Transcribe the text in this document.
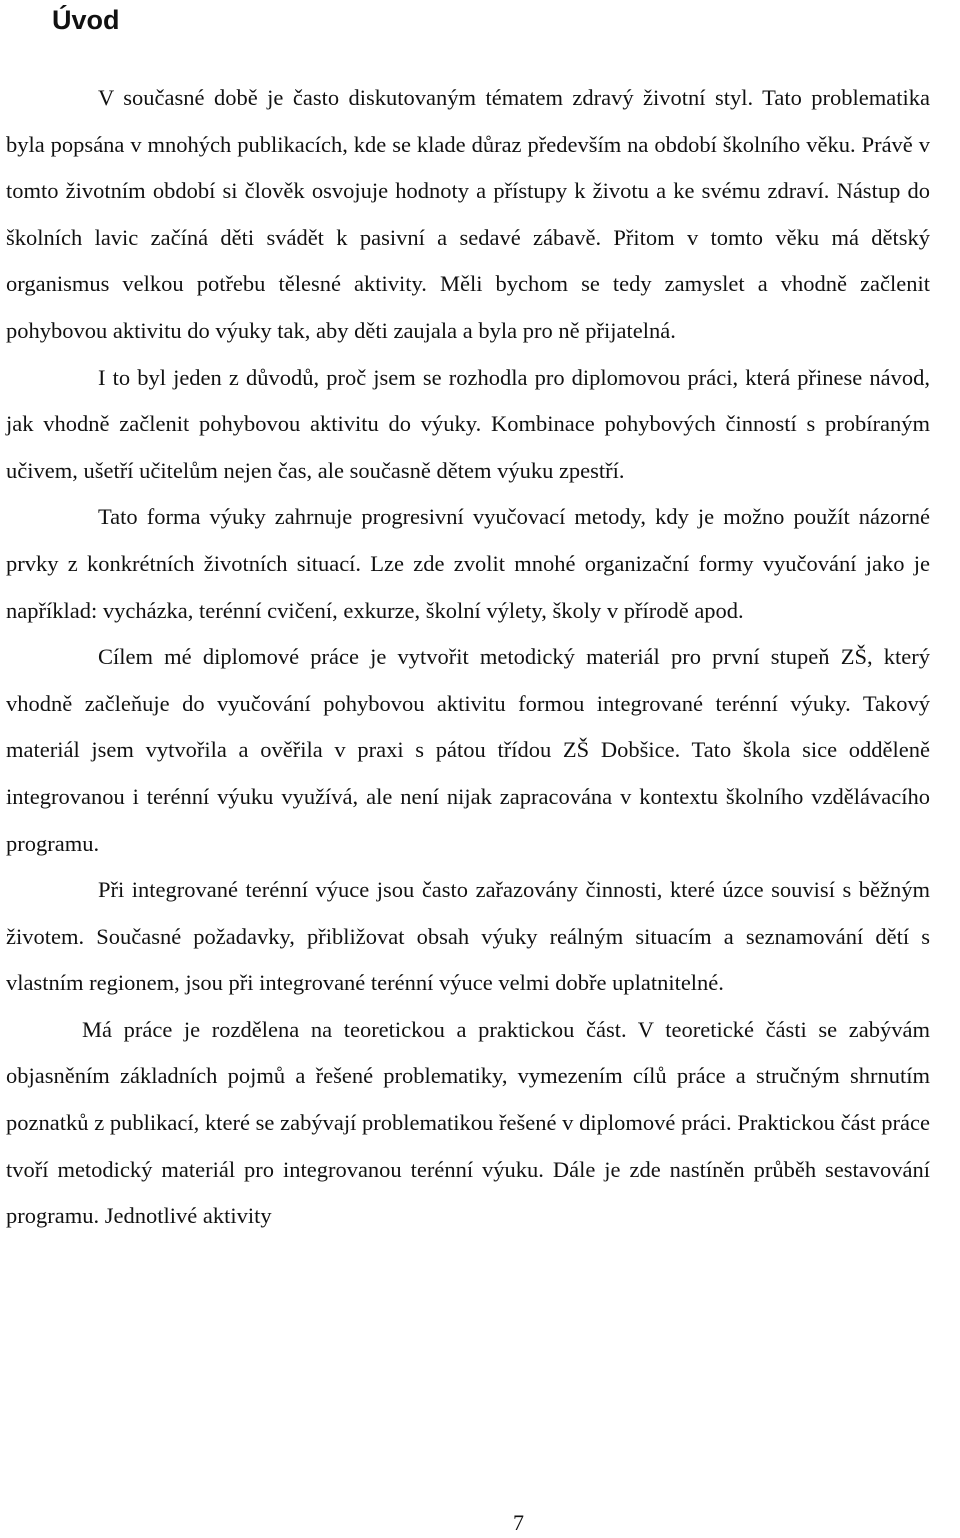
Úvod

V současné době je často diskutovaným tématem zdravý životní styl. Tato problematika byla popsána v mnohých publikacích, kde se klade důraz především na období školního věku. Právě v tomto životním období si člověk osvojuje hodnoty a přístupy k životu a ke svému zdraví. Nástup do školních lavic začíná děti svádět k pasivní a sedavé zábavě. Přitom v tomto věku má dětský organismus velkou potřebu tělesné aktivity. Měli bychom se tedy zamyslet a vhodně začlenit pohybovou aktivitu do výuky tak, aby děti zaujala a byla pro ně přijatelná.

I to byl jeden z důvodů, proč jsem se rozhodla pro diplomovou práci, která přinese návod, jak vhodně začlenit pohybovou aktivitu do výuky. Kombinace pohybových činností s probíraným učivem, ušetří učitelům nejen čas, ale současně dětem výuku zpestří.

Tato forma výuky zahrnuje progresivní vyučovací metody, kdy je možno použít názorné prvky z konkrétních životních situací. Lze zde zvolit mnohé organizační formy vyučování jako je například: vycházka, terénní cvičení, exkurze, školní výlety, školy v přírodě apod.

Cílem mé diplomové práce je vytvořit metodický materiál pro první stupeň ZŠ, který vhodně začleňuje do vyučování pohybovou aktivitu formou integrované terénní výuky. Takový materiál jsem vytvořila a ověřila v praxi s pátou třídou ZŠ Dobšice. Tato škola sice odděleně integrovanou i terénní výuku využívá, ale není nijak zapracována v kontextu školního vzdělávacího programu.

Při integrované terénní výuce jsou často zařazovány činnosti, které úzce souvisí s běžným životem. Současné požadavky, přibližovat obsah výuky reálným situacím a seznamování dětí s vlastním regionem, jsou při integrované terénní výuce velmi dobře uplatnitelné.

Má práce je rozdělena na teoretickou a praktickou část. V teoretické části se zabývám objasněním základních pojmů a řešené problematiky, vymezením cílů práce a stručným shrnutím poznatků z publikací, které se zabývají problematikou řešené v diplomové práci. Praktickou část práce tvoří metodický materiál pro integrovanou terénní výuku. Dále je zde nastíněn průběh sestavování programu. Jednotlivé aktivity

7
